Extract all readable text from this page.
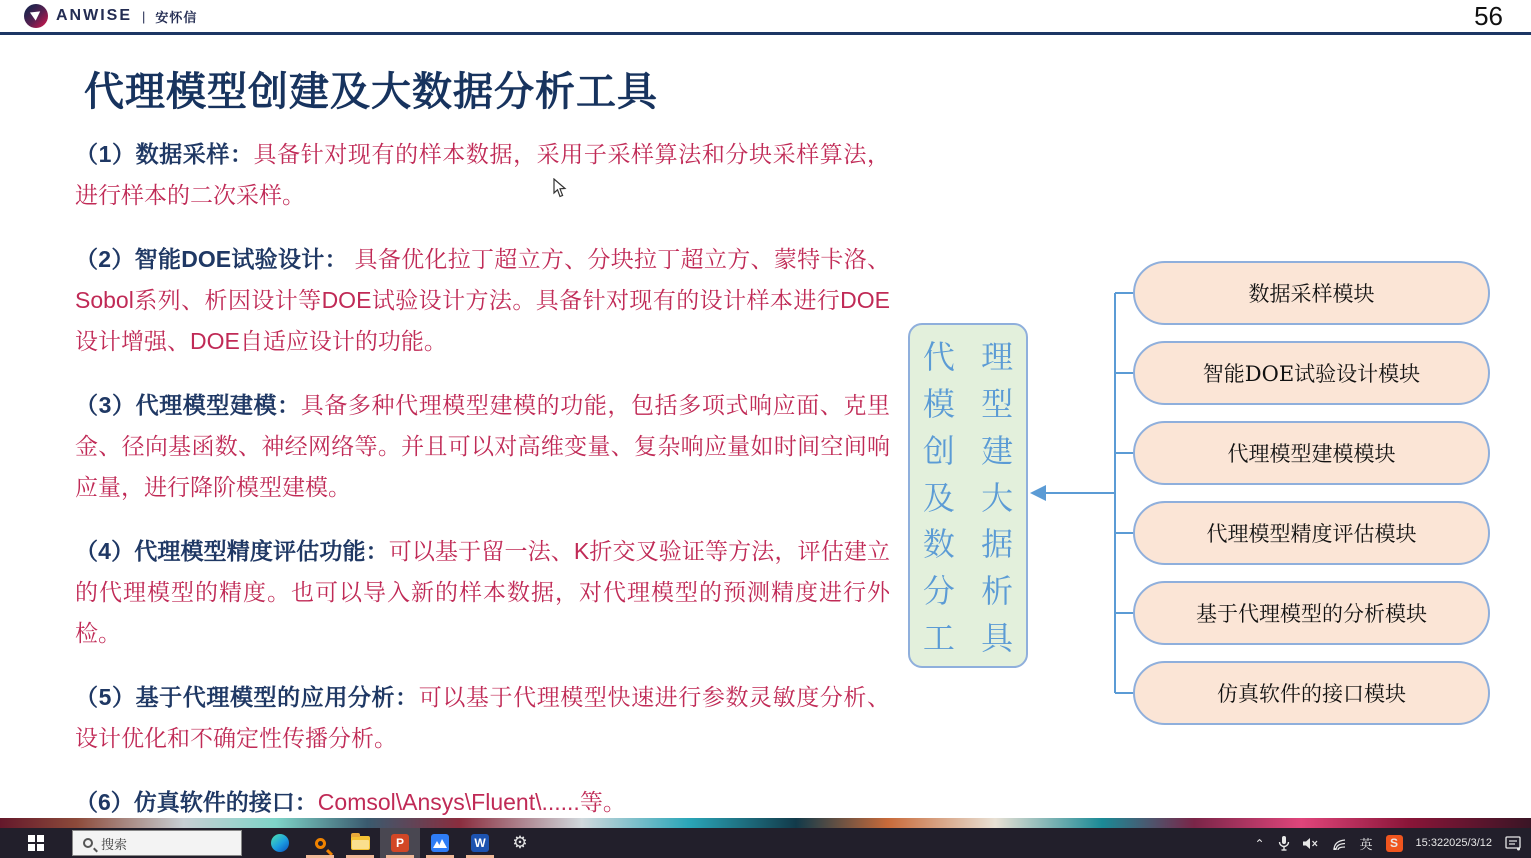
ANWISE | 安怀信	56
代理模型创建及大数据分析工具
（1）数据采样：具备针对现有的样本数据，采用子采样算法和分块采样算法，进行样本的二次采样。
（2）智能DOE试验设计： 具备优化拉丁超立方、分块拉丁超立方、蒙特卡洛、Sobol系列、析因设计等DOE试验设计方法。具备针对现有的设计样本进行DOE设计增强、DOE自适应设计的功能。
（3）代理模型建模：具备多种代理模型建模的功能，包括多项式响应面、克里金、径向基函数、神经网络等。并且可以对高维变量、复杂响应量如时间空间响应量，进行降阶模型建模。
（4）代理模型精度评估功能：可以基于留一法、K折交叉验证等方法，评估建立的代理模型的精度。也可以导入新的样本数据，对代理模型的预测精度进行外检。
（5）基于代理模型的应用分析：可以基于代理模型快速进行参数灵敏度分析、设计优化和不确定性传播分析。
（6）仿真软件的接口：Comsol\Ansys\Fluent\......等。
代 理
模 型
创 建
及 大
数 据
分 析
工 具
数据采样模块
智能DOE试验设计模块
代理模型建模模块
代理模型精度评估模块
基于代理模型的分析模块
仿真软件的接口模块
搜索	P	W ⚙	⌃	英	S	15:32 2025/3/12
